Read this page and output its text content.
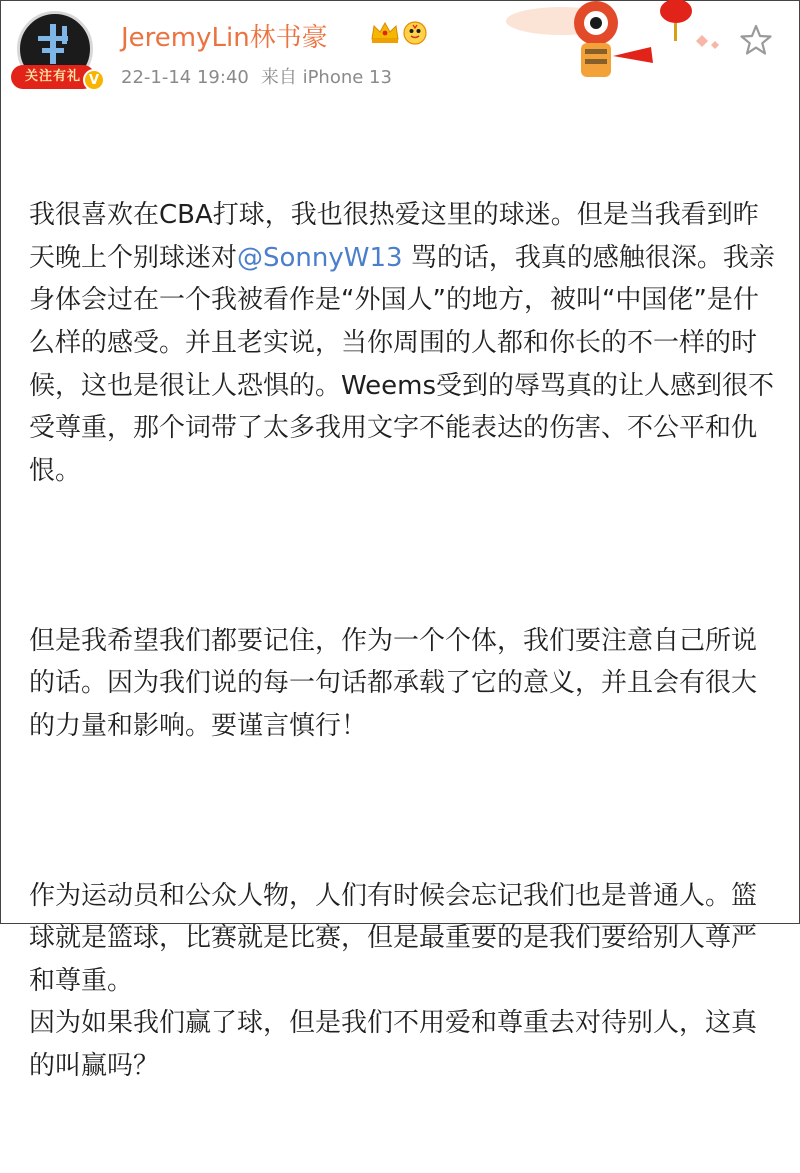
关注有礼 V
JeremyLin林书豪
22-1-14 19:40 来自 iPhone 13

我很喜欢在CBA打球，我也很热爱这里的球迷。但是当我看到昨天晚上个别球迷对@SonnyW13 骂的话，我真的感触很深。我亲身体会过在一个我被看作是“外国人”的地方，被叫“中国佬”是什么样的感受。并且老实说，当你周围的人都和你长的不一样的时候，这也是很让人恐惧的。Weems受到的辱骂真的让人感到很不受尊重，那个词带了太多我用文字不能表达的伤害、不公平和仇恨。

但是我希望我们都要记住，作为一个个体，我们要注意自己所说的话。因为我们说的每一句话都承载了它的意义，并且会有很大的力量和影响。要谨言慎行！

作为运动员和公众人物，人们有时候会忘记我们也是普通人。篮球就是篮球，比赛就是比赛，但是最重要的是我们要给别人尊严和尊重。
因为如果我们赢了球，但是我们不用爱和尊重去对待别人，这真的叫赢吗？
